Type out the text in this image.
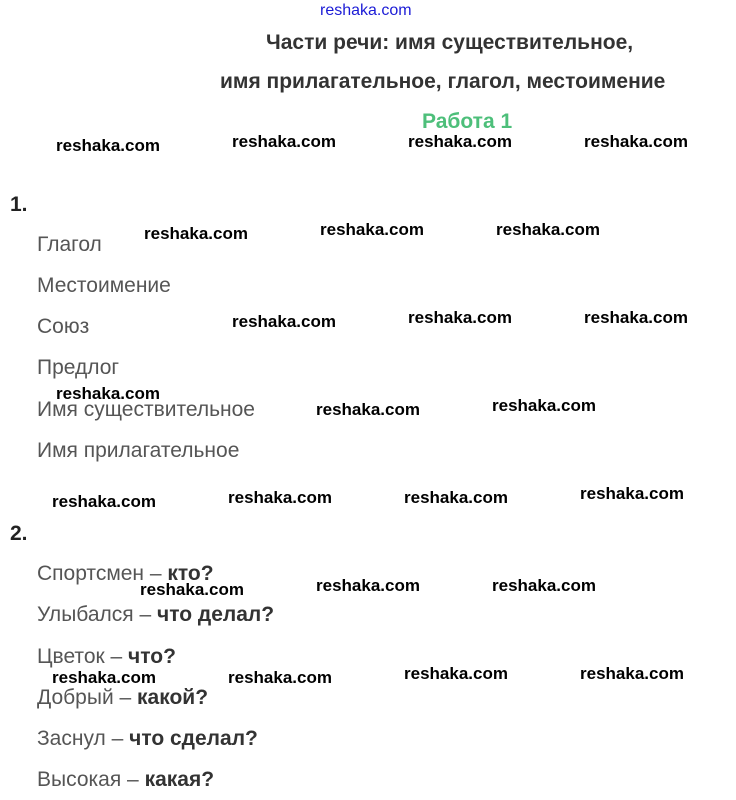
reshaka.com
Части речи: имя существительное,
имя прилагательное, глагол, местоимение
Работа 1
1.
Глагол
Местоимение
Союз
Предлог
Имя существительное
Имя прилагательное
2.
Спортсмен – кто?
Улыбался – что делал?
Цветок – что?
Добрый – какой?
Заснул – что сделал?
Высокая – какая?
reshaka.com	reshaka.com	reshaka.com	reshaka.com
reshaka.com	reshaka.com	reshaka.com
reshaka.com	reshaka.com	reshaka.com
reshaka.com
reshaka.com	reshaka.com
reshaka.com	reshaka.com	reshaka.com	reshaka.com
reshaka.com	reshaka.com	reshaka.com
reshaka.com	reshaka.com	reshaka.com	reshaka.com
